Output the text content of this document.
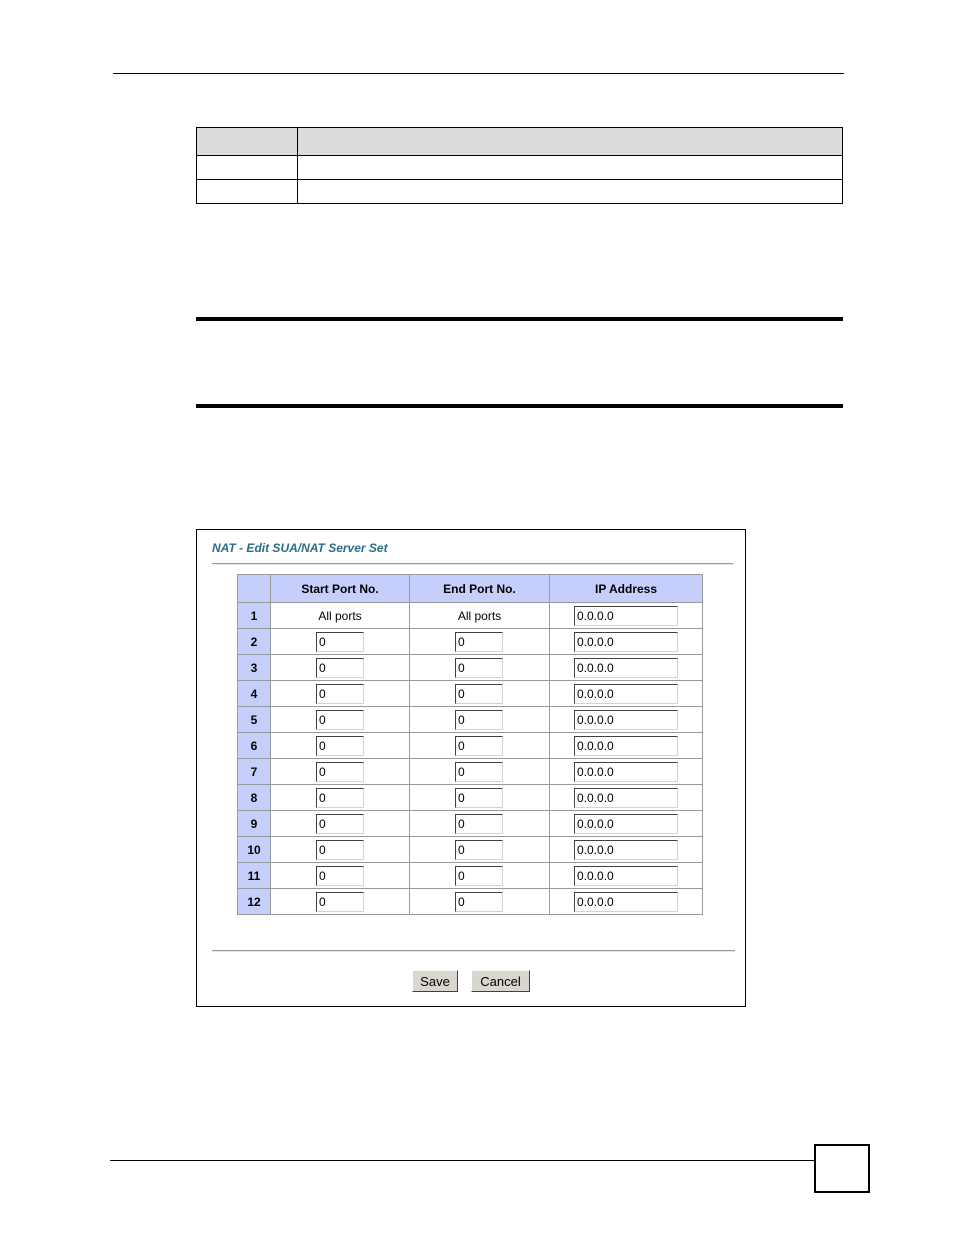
NAT - Edit SUA/NAT Server Set
	Start Port No.	End Port No.	IP Address
1	All ports	All ports	0.0.0.0
2	0	0	0.0.0.0
3	0	0	0.0.0.0
4	0	0	0.0.0.0
5	0	0	0.0.0.0
6	0	0	0.0.0.0
7	0	0	0.0.0.0
8	0	0	0.0.0.0
9	0	0	0.0.0.0
10	0	0	0.0.0.0
11	0	0	0.0.0.0
12	0	0	0.0.0.0
Save	Cancel
